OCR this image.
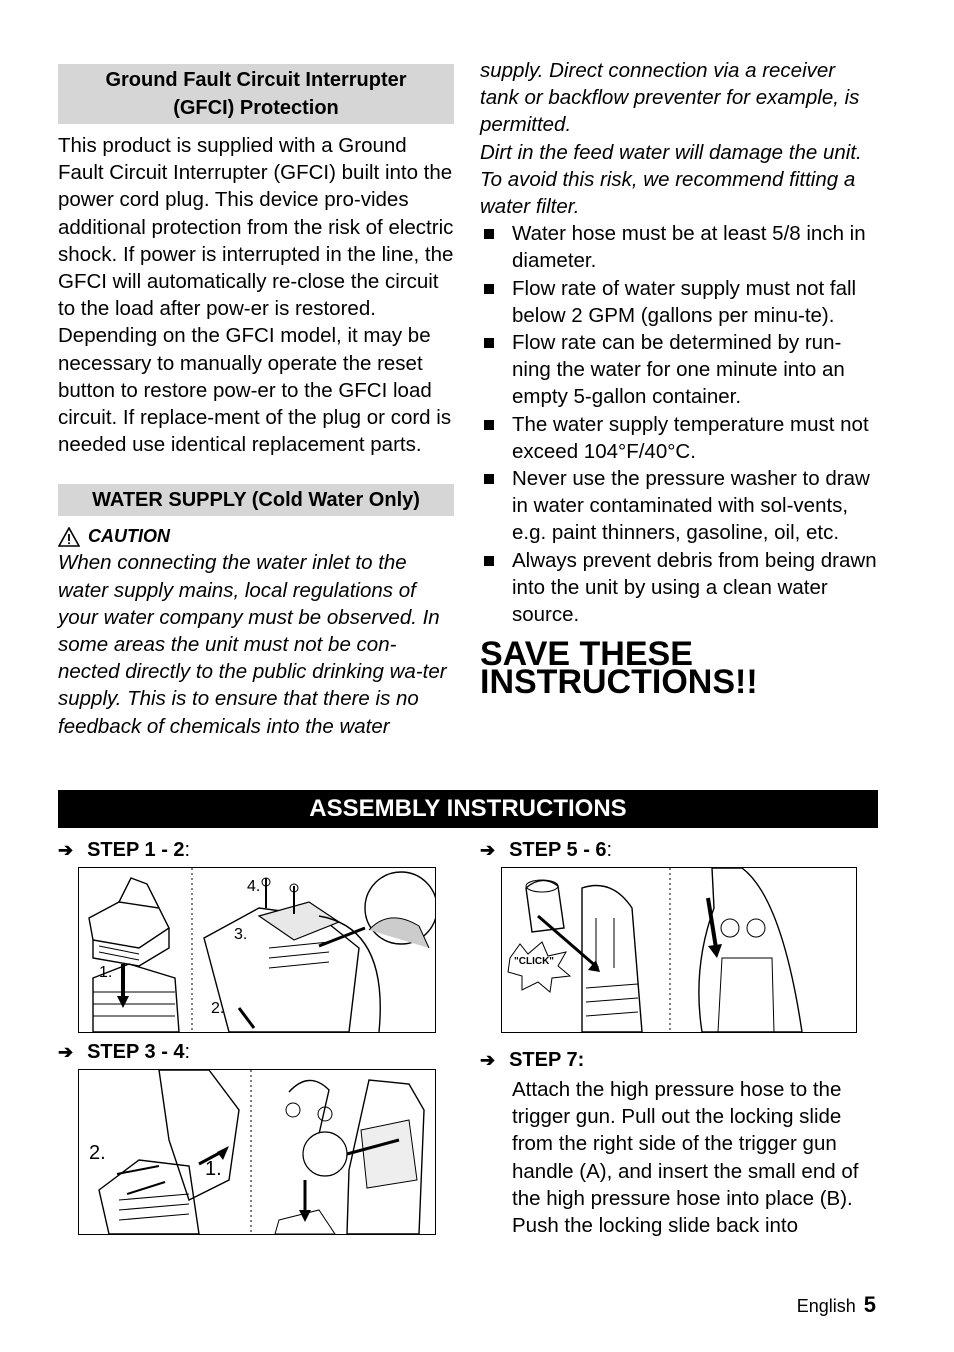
Ground Fault Circuit Interrupter
(GFCI) Protection

This product is supplied with a Ground Fault Circuit Interrupter (GFCI) built into the power cord plug. This device pro-vides additional protection from the risk of electric shock. If power is interrupted in the line, the GFCI will automatically re-close the circuit to the load after pow-er is restored. Depending on the GFCI model, it may be necessary to manually operate the reset button to restore pow-er to the GFCI load circuit. If replace-ment of the plug or cord is needed use identical replacement parts.

WATER SUPPLY (Cold Water Only)
CAUTION

When connecting the water inlet to the water supply mains, local regulations of your water company must be observed. In some areas the unit must not be con-nected directly to the public drinking wa-ter supply. This is to ensure that there is no feedback of chemicals into the water

supply. Direct connection via a receiver tank or backflow preventer for example, is permitted.

Dirt in the feed water will damage the unit. To avoid this risk, we recommend fitting a water filter.

Water hose must be at least 5/8 inch in diameter.
Flow rate of water supply must not fall below 2 GPM (gallons per minu-te).
Flow rate can be determined by run-ning the water for one minute into an empty 5-gallon container.
The water supply temperature must not exceed 104°F/40°C.
Never use the pressure washer to draw in water contaminated with sol-vents, e.g. paint thinners, gasoline, oil, etc.
Always prevent debris from being drawn into the unit by using a clean water source.
SAVE THESE
INSTRUCTIONS!!
ASSEMBLY INSTRUCTIONS
➔ STEP 1 - 2 :
1.
2.
3.
4.
➔ STEP 3 - 4 :
2.
1.
➔ STEP 5 - 6 :
"CLICK"
➔ STEP 7:
Attach the high pressure hose to the trigger gun. Pull out the locking slide from the right side of the trigger gun handle (A), and insert the small end of the high pressure hose into place (B). Push the locking slide back into
English 5
